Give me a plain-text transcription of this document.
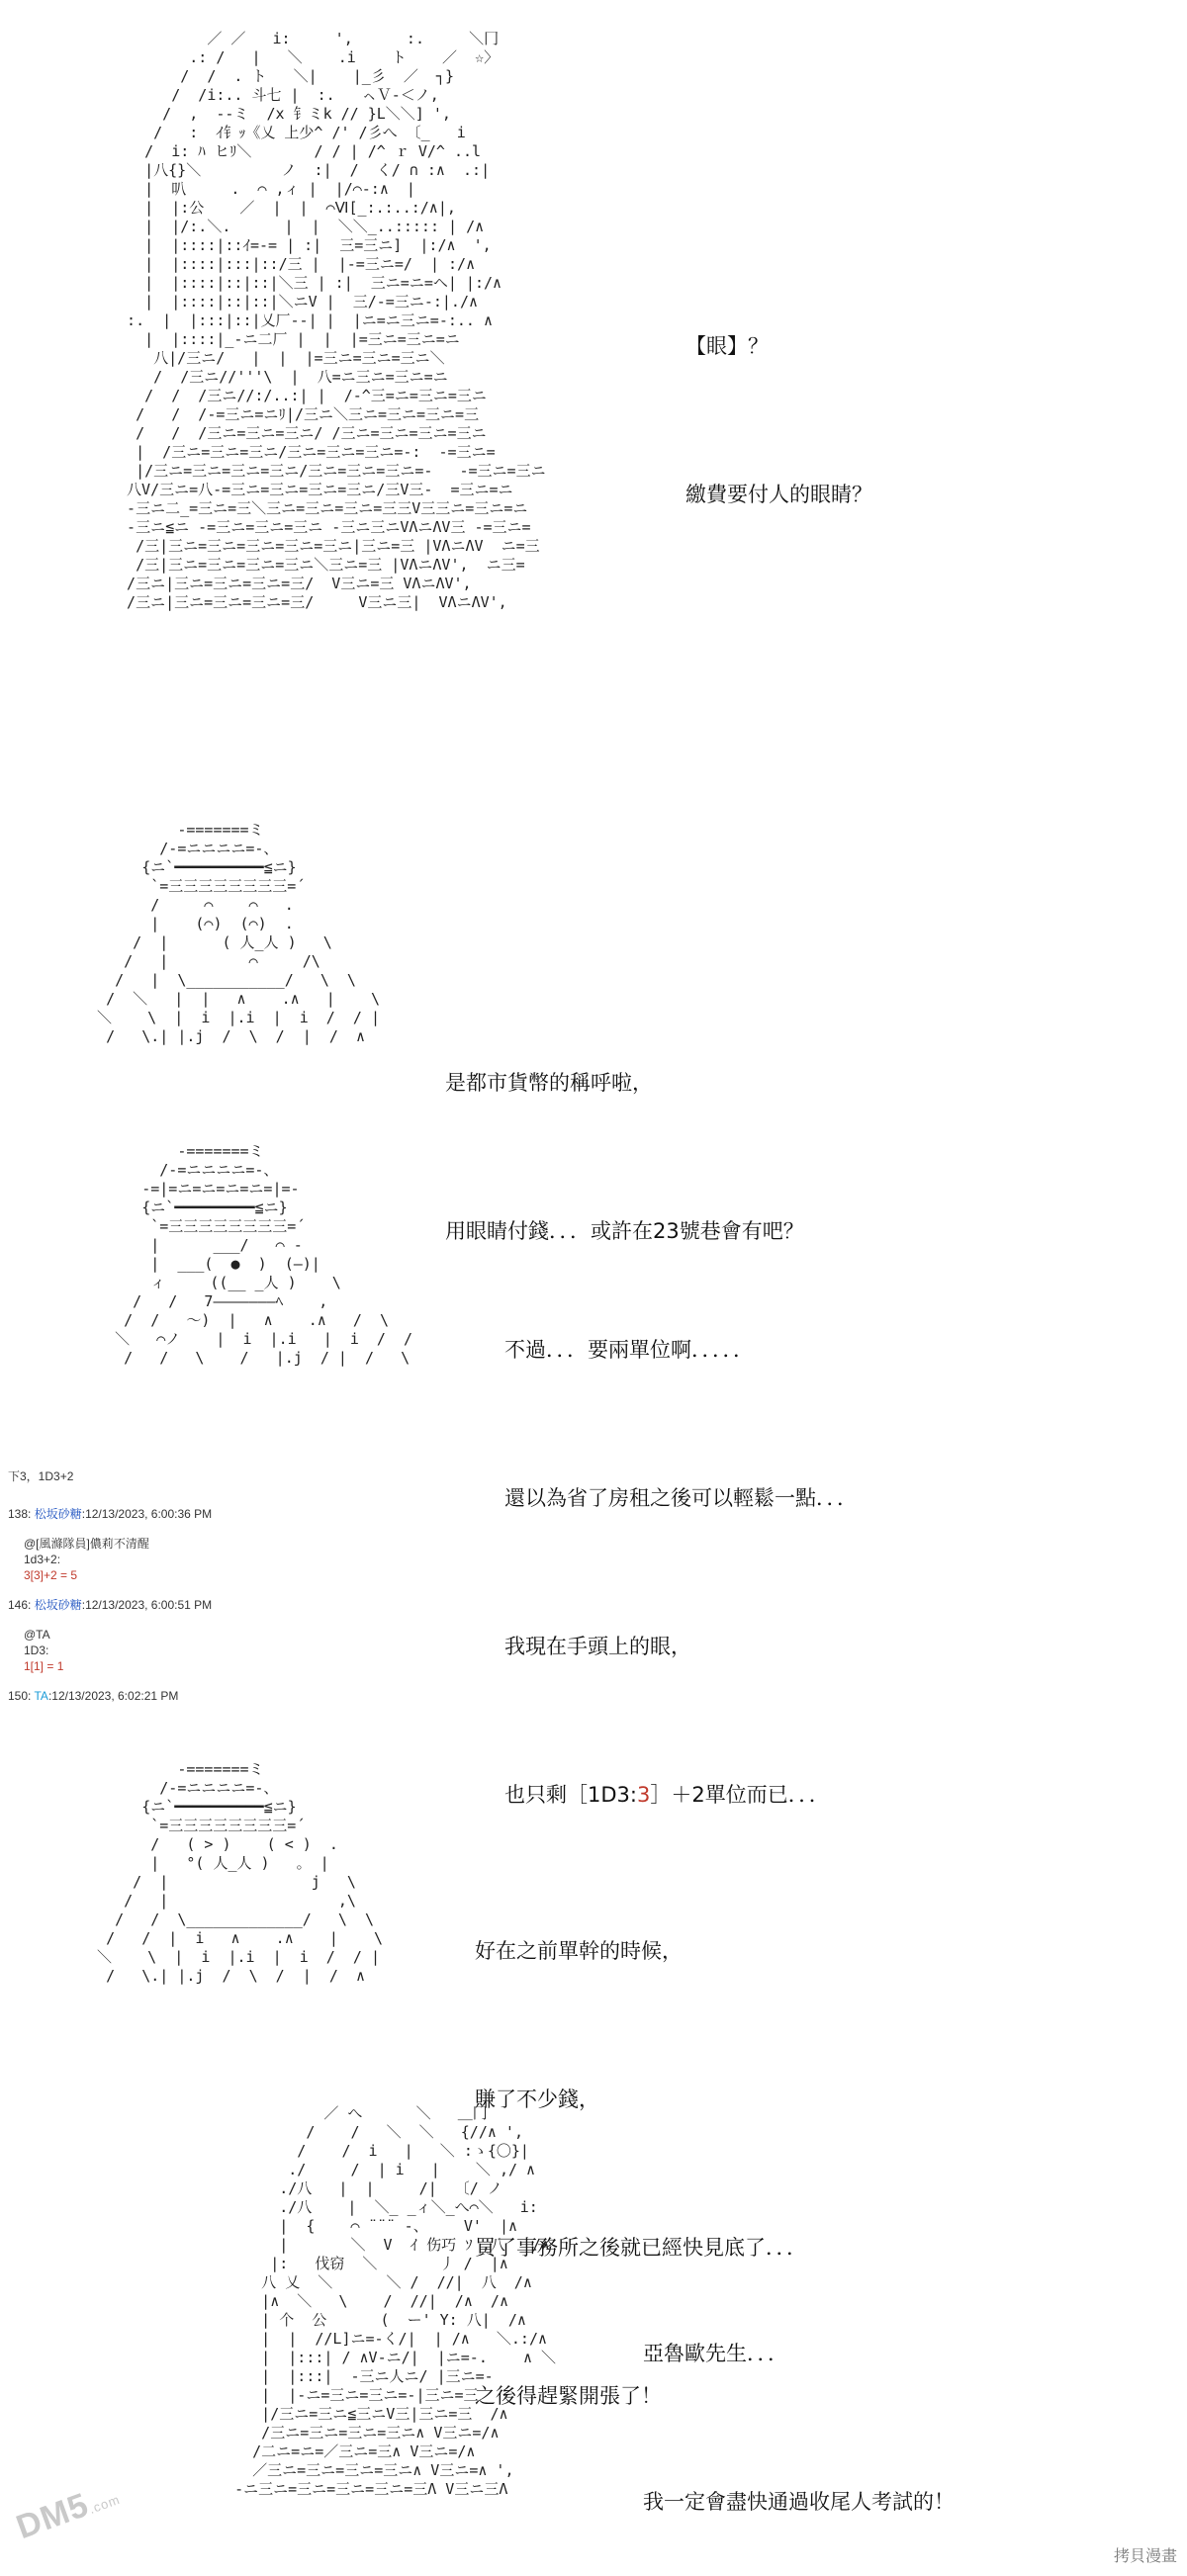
／ ／   i:     ',      :.     ＼冂
.: /   |   ＼    .i    ト    ／  ☆〉
/  /  . ト   ＼|    |_彡  ／  ┐}
/  /i:.. 斗七 |  :.   ㇸＶ-＜ノ,
/  ,  --ミ  /x 钅ミk // }L＼＼] ',
/   :  ｲ钅ｯ《乂 上少^ /' /彡へ 〔_   i
/  i: ﾊ ヒﾘ＼       / / | /^ ｒ V/^ ..l
|八{}＼         ノ  :|  /  く/ ∩ :∧  .:|
|  叭     .  ⌒ ,ィ |  |/⌒-:∧  |
|  |:公    ／  |  |  ⌒Ⅵ[_:.:..:/∧|,
|  |/:.＼.      |  |  ＼＼_..::::: | /∧
|  |::::|::ｲ=-= | :|  三=三ニ]  |:/∧  ',
|  |::::|:::|::/三 |  |-=三ニ=/  | :/∧
|  |::::|::|::|＼三 | :|  三ニ=ニ=ヘ| |:/∧
|  |::::|::|::|＼ニV |  三/-=三ニ-:|./∧
:.  |  |:::|::|乂厂--| |  |ニ=ニ三ニ=-:.. ∧
|  |::::|_-ニ二厂 |  |  |=三ニ=三ニ=ニ
八|/三ニ/   |  |  |=三ニ=三ニ=三ニ＼
/  /三ニ//'''\  |  八=ニ三ニ=三ニ=ニ
/  /  /三ニ//:/..:| |  /-^三=ニ=三ニ=三ニ
/   /  /-=三ニ=ニﾘ|/三ニ＼三ニ=三ニ=三ニ=三
/   /  /三ニ=三ニ=三ニ/ /三ニ=三ニ=三ニ=三ニ
|  /三ニ=三ニ=三ニ/三ニ=三ニ=三ニ=-:  -=三ニ=
|/三ニ=三ニ=三ニ=三ニ/三ニ=三ニ=三ニ=-   -=三ニ=三ニ
八V/三ニ=八-=三ニ=三ニ=三ニ=三ニ/三V三-  =三ニ=ニ
-三ニ二_=三ニ=三＼三ニ=三ニ=三ニ=三三V三三ニ=三ニ=ニ
-三ニ≦ニ -=三ニ=三ニ=三ニ -三ニ三ニVΛニΛV三 -=三ニ=
/三|三ニ=三ニ=三ニ=三ニ=三ニ|三ニ=三 |VΛニΛV  ニ=三
/三|三ニ=三ニ=三ニ=三ニ＼三ニ=三 |VΛニΛV',  ニ三=
/三ニ|三ニ=三ニ=三ニ=三/  V三ニ=三 VΛニΛV',
/三ニ|三ニ=三ニ=三ニ=三/     V三ニ三|  VΛニΛV',

【眼】？

繳費要付人的眼睛？

-=======ミ
/-=ニニニニ=-、
{ニ`━━━━━━━━━━≦ニ}
`=三三三三三三三三=´
/     ⌒    ⌒   .
|    (⌒)  (⌒)  .
/  |      ( 人_人 )   \
/   |         ⌒     /\
/   |  \___________/   \  \
/  ＼   |  |   ∧    .∧   |    \
＼    \  |  i  |.i  |  i  /  / |
/   \.| |.j  /  \  /  |  /  ∧

是都市貨幣的稱呼啦，

用眼睛付錢．．．或許在23號巷會有吧？

-=======ミ
/-=ニニニニ=-、
-=|=ニ=ニ=ニ=ニ=|=-
{ニ`━━━━━━━━━≦ニ}
`=三三三三三三三三=´
|      ___/   ⌒ -
|  ___(  ●  )  (―)|
ィ     ((__ _人 )    \
/   /   7―――――――ﾍ    ,
/  /   ～)  |   ∧    .∧   /  \
＼   ⌒ノ    |  i  |.i   |  i  /  /
/   /   \    /   |.j  / |  /   \

	不過．．．要兩單位啊．．．．．

還以為省了房租之後可以輕鬆一點．．．

我現在手頭上的眼，

也只剩［1D3:3］＋2單位而已．．．

下3，1D3+2
138: 松坂砂糖:12/13/2023, 6:00:36 PM
@[風滌隊員]儂莉不清醒
1d3+2:
3[3]+2 = 5
146: 松坂砂糖:12/13/2023, 6:00:51 PM
@TA
1D3:
1[1] = 1
150: TA:12/13/2023, 6:02:21 PM
-=======ミ
/-=ニニニニ=-、
{ニ`━━━━━━━━━━≦ニ}
`=三三三三三三三三=´
/   ( > )    ( < )  .
|   °( 人_人 )   。 |
/  |                j   \
/   |                   ,\
/   /  \_____________/   \  \
/   /  |  i   ∧    .∧    |    \
＼    \  |  i  |.i  |  i  /  / |
/   \.| |.j  /  \  /  |  /  ∧

好在之前單幹的時候，

賺了不少錢，

買了事務所之後就已經快見底了．．．

之後得趕緊開張了！

／ へ      ＼   ＿冂
/    /   ＼  ＼   {//∧ ',
/    /  i   |   ＼ :ゝ{〇}|
./     /  | i   |    ＼ ,/ ∧
./八   |  |     /|  〔/ ノ
./八    |  ＼_ _ィ＼_へ⌒＼   i:
|  {    ⌒ ¨¨¨ -、    V'  |∧
|       ＼  V  ｲ 伤巧 ｿ ,八   /∧
|:   伐窃  ＼       丿 /  |∧
八 乂  ＼      ＼ /  //|  八  /∧
|∧  ＼   \    /  //|  /∧  /∧
| 个  公      (  ー' Y: 八|  /∧
|  |  //L]ニ=-く/|  | /∧   ＼.:/∧
|  |:::| / ∧V-ニ/|  |ニ=-.    ∧ ＼
|  |:::|  -三ニ人ニ/ |三ニ=-
|  |-ニ=三ニ=三ニ=-|三ニ=三
|/三ニ=三ニ≦三ニV三|三ニ=三  /∧
/三ニ=三ニ=三ニ=三ニ∧ V三ニ=/∧
/二ニ=ニ=／三ニ=三∧ V三ニ=/∧
／三ニ=三ニ=三ニ=三ニ∧ V三ニ=∧ ',
-ニ三ニ=三ニ=三ニ=三ニ=三Λ V三ニ三Λ

亞魯歐先生．．．

我一定會盡快通過收尾人考試的！

DM5.com
拷貝漫畫
